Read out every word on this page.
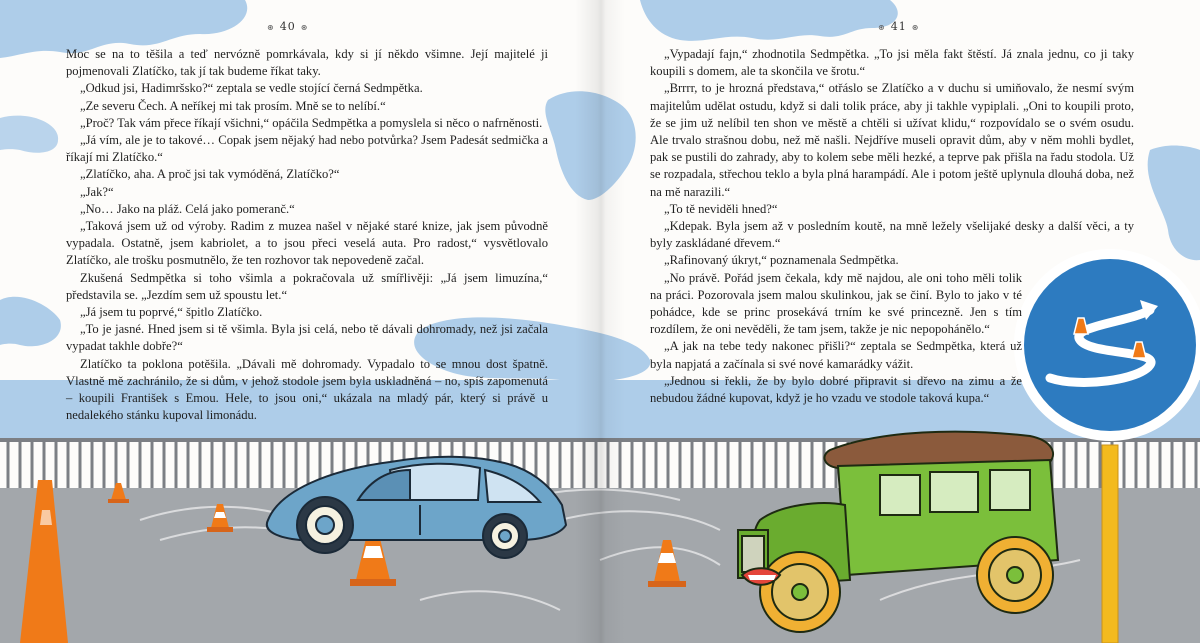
⊛ 40 ⊛

Moc se na to těšila a teď nervózně pomrkávala, kdy si jí někdo všimne. Její majitelé ji pojmenovali Zlatíčko, tak jí tak budeme říkat taky.

„Odkud jsi, Hadimršsko?“ zeptala se vedle stojící černá Sedmpětka.

„Ze severu Čech. A neříkej mi tak prosím. Mně se to nelíbí.“

„Proč? Tak vám přece říkají všichni,“ opáčila Sedmpětka a pomyslela si něco o nafrněnosti.

„Já vím, ale je to takové… Copak jsem nějaký had nebo potvůrka? Jsem Padesát sedmička a říkají mi Zlatíčko.“

„Zlatíčko, aha. A proč jsi tak vymóděná, Zlatíčko?“

„Jak?“

„No… Jako na pláž. Celá jako pomeranč.“

„Taková jsem už od výroby. Radim z muzea našel v nějaké staré knize, jak jsem původně vypadala. Ostatně, jsem kabriolet, a to jsou přeci veselá auta. Pro radost,“ vysvětlovalo Zlatíčko, ale trošku posmutnělo, že ten rozhovor tak nepovedeně začal.

Zkušená Sedmpětka si toho všimla a pokračovala už smířlivěji: „Já jsem limuzína,“ představila se. „Jezdím sem už spoustu let.“

„Já jsem tu poprvé,“ špitlo Zlatíčko.

„To je jasné. Hned jsem si tě všimla. Byla jsi celá, nebo tě dávali dohromady, než jsi začala vypadat takhle dobře?“

Zlatíčko ta poklona potěšila. „Dávali mě dohromady. Vypadalo to se mnou dost špatně. Vlastně mě zachránilo, že si dům, v jehož stodole jsem byla uskladněná – no, spíš zapomenutá – koupili František s Emou. Hele, to jsou oni,“ ukázala na mladý pár, který si právě u nedalekého stánku kupoval limonádu.

⊛ 41 ⊛

„Vypadají fajn,“ zhodnotila Sedmpětka. „To jsi měla fakt štěstí. Já znala jednu, co ji taky koupili s domem, ale ta skončila ve šrotu.“

„Brrrr, to je hrozná představa,“ otřáslo se Zlatíčko a v duchu si umiňovalo, že nesmí svým majitelům udělat ostudu, když si dali tolik práce, aby ji takhle vypiplali. „Oni to koupili proto, že se jim už nelíbil ten shon ve městě a chtěli si užívat klidu,“ rozpovídalo se o svém osudu. Ale trvalo strašnou dobu, než mě našli. Nejdříve museli opravit dům, aby v něm mohli bydlet, pak se pustili do zahrady, aby to kolem sebe měli hezké, a teprve pak přišla na řadu stodola. Už se rozpadala, střechou teklo a byla plná harampádí. Ale i potom ještě uplynula dlouhá doba, než na mě narazili.“

„To tě neviděli hned?“

„Kdepak. Byla jsem až v posledním koutě, na mně ležely všelijaké desky a další věci, a ty byly zaskládané dřevem.“

„Rafinovaný úkryt,“ poznamenala Sedmpětka.

„No právě. Pořád jsem čekala, kdy mě najdou, ale oni toho měli tolik na práci. Pozorovala jsem malou skulinkou, jak se činí. Bylo to jako v té pohádce, kde se princ prosekává trním ke své princezně. Jen s tím rozdílem, že oni nevěděli, že tam jsem, takže je nic nepopohánělo.“

„A jak na tebe tedy nakonec přišli?“ zeptala se Sedmpětka, která už byla napjatá a začínala si své nové kamarádky vážit.

„Jednou si řekli, že by bylo dobré připravit si dřevo na zimu a že nebudou žádné kupovat, když je ho vzadu ve stodole taková kupa.“
